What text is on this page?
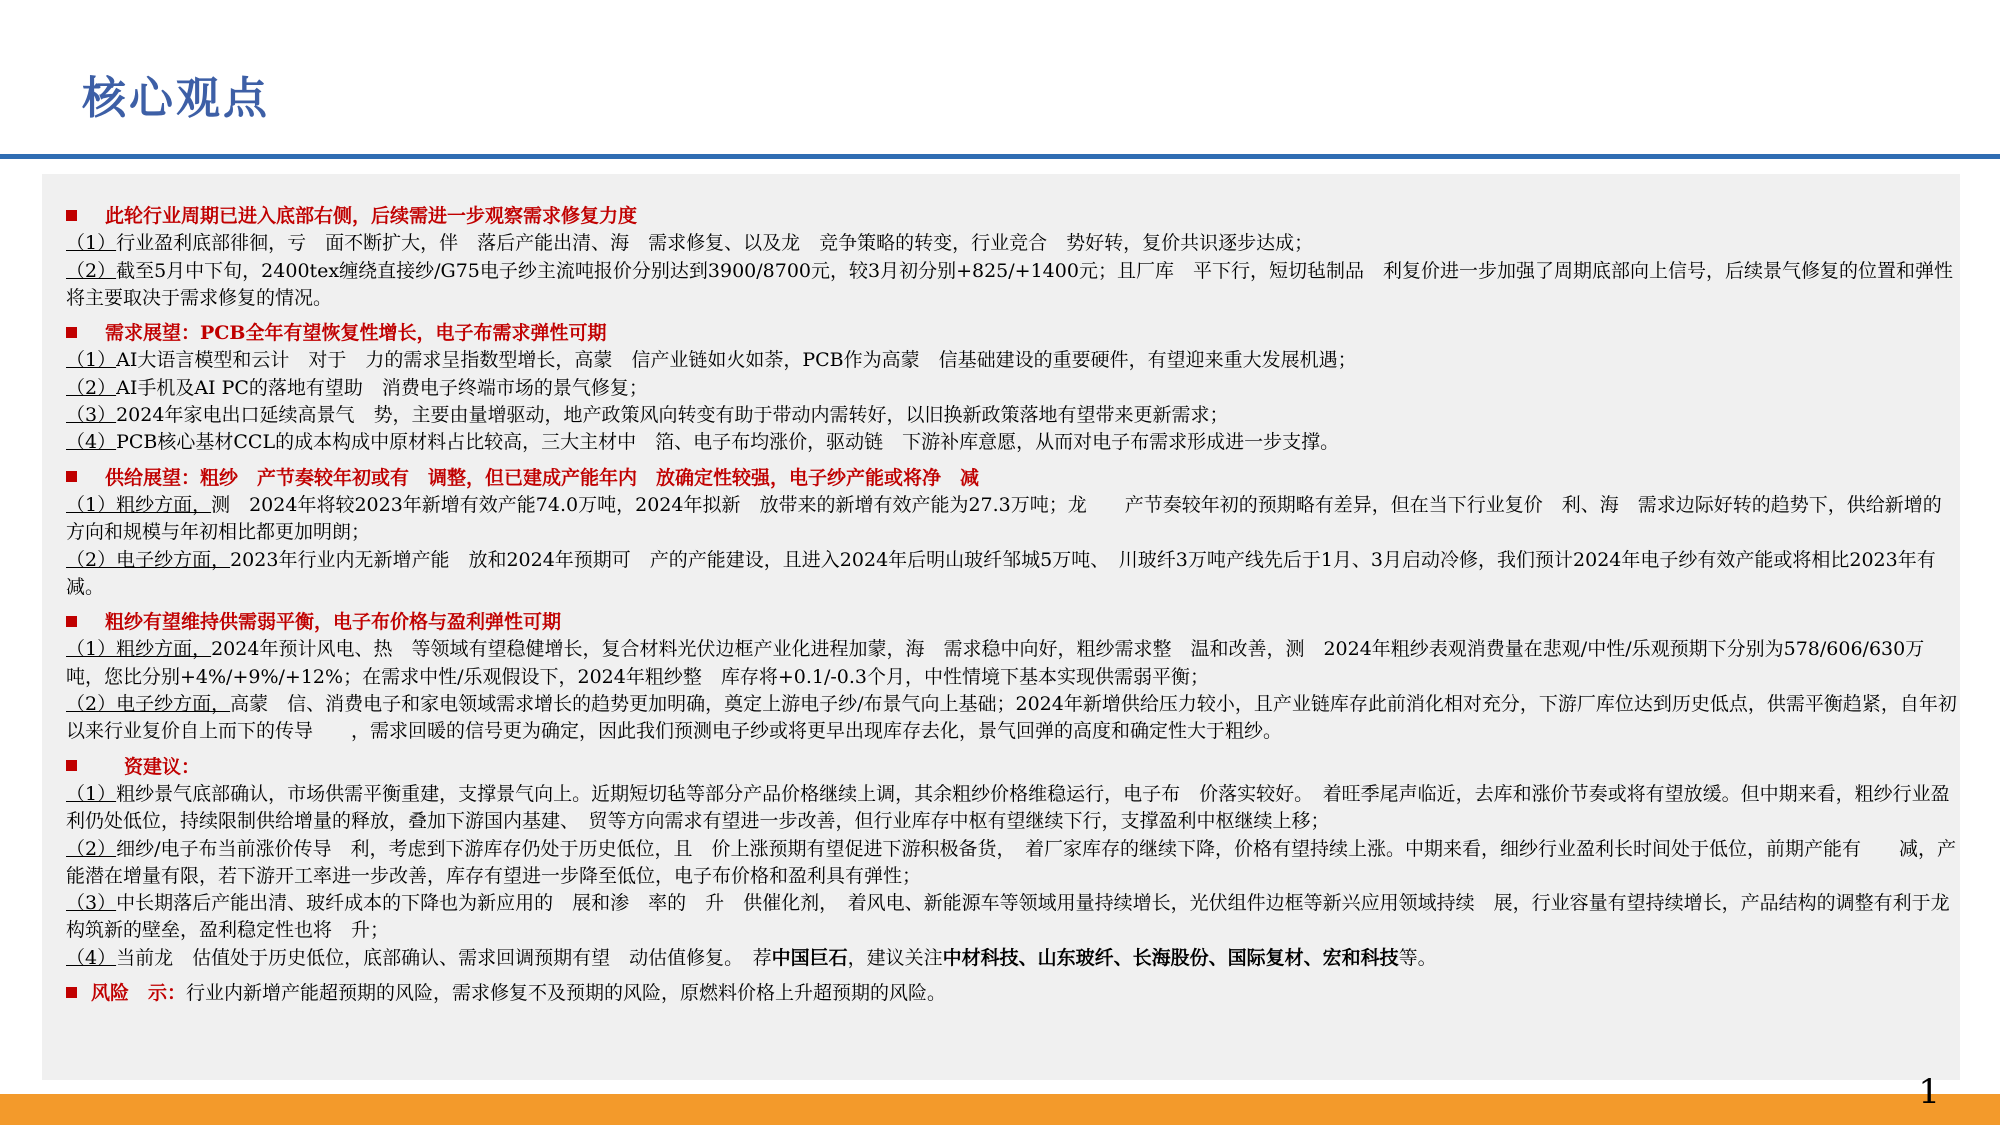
核心观点
此轮行业周期已进入底部右侧，后续需进一步观察需求修复力度
（1）行业盈利底部徘徊，亏　面不断扩大，伴　落后产能出清、海　需求修复、以及龙　竞争策略的转变，行业竞合　势好转，复价共识逐步达成；
（2）截至5月中下旬，2400tex缠绕直接纱/G75电子纱主流吨报价分别达到3900/8700元，较3月初分别+825/+1400元；且厂库　平下行，短切毡制品　利复价进一步加强了周期底部向上信号，后续景气修复的位置和弹性将主要取决于需求修复的情况。
需求展望：PCB全年有望恢复性增长，电子布需求弹性可期
（1）AI大语言模型和云计　对于　力的需求呈指数型增长，高蒙　信产业链如火如荼，PCB作为高蒙　信基础建设的重要硬件，有望迎来重大发展机遇；
（2）AI手机及AI PC的落地有望助　消费电子终端市场的景气修复；
（3）2024年家电出口延续高景气　势，主要由量增驱动，地产政策风向转变有助于带动内需转好，以旧换新政策落地有望带来更新需求；
（4）PCB核心基材CCL的成本构成中原材料占比较高，三大主材中　箔、电子布均涨价，驱动链　下游补库意愿，从而对电子布需求形成进一步支撑。
供给展望：粗纱　产节奏较年初或有　调整，但已建成产能年内　放确定性较强，电子纱产能或将净　减
（1）粗纱方面，测　2024年将较2023年新增有效产能74.0万吨，2024年拟新　放带来的新增有效产能为27.3万吨；龙　　产节奏较年初的预期略有差异，但在当下行业复价　利、海　需求边际好转的趋势下，供给新增的方向和规模与年初相比都更加明朗；
（2）电子纱方面，2023年行业内无新增产能　放和2024年预期可　产的产能建设，且进入2024年后明山玻纤邹城5万吨、　川玻纤3万吨产线先后于1月、3月启动冷修，我们预计2024年电子纱有效产能或将相比2023年有　　减。
粗纱有望维持供需弱平衡，电子布价格与盈利弹性可期
（1）粗纱方面，2024年预计风电、热　等领域有望稳健增长，复合材料光伏边框产业化进程加蒙，海　需求稳中向好，粗纱需求整　温和改善，测　2024年粗纱表观消费量在悲观/中性/乐观预期下分别为578/606/630万吨，您比分别+4%/+9%/+12%；在需求中性/乐观假设下，2024年粗纱整　库存将+0.1/-0.3个月，中性情境下基本实现供需弱平衡；
（2）电子纱方面，高蒙　信、消费电子和家电领域需求增长的趋势更加明确，奠定上游电子纱/布景气向上基础；2024年新增供给压力较小，且产业链库存此前消化相对充分，下游厂库位达到历史低点，供需平衡趋紧，自年初以来行业复价自上而下的传导　　，需求回暖的信号更为确定，因此我们预测电子纱或将更早出现库存去化，景气回弹的高度和确定性大于粗纱。
　资建议：
（1）粗纱景气底部确认，市场供需平衡重建，支撑景气向上。近期短切毡等部分产品价格继续上调，其余粗纱价格维稳运行，电子布　价落实较好。　着旺季尾声临近，去库和涨价节奏或将有望放缓。但中期来看，粗纱行业盈利仍处低位，持续限制供给增量的释放，叠加下游国内基建、　贸等方向需求有望进一步改善，但行业库存中枢有望继续下行，支撑盈利中枢继续上移；
（2）细纱/电子布当前涨价传导　利，考虑到下游库存仍处于历史低位，且　价上涨预期有望促进下游积极备货，　着厂家库存的继续下降，价格有望持续上涨。中期来看，细纱行业盈利长时间处于低位，前期产能有　　减，产能潜在增量有限，若下游开工率进一步改善，库存有望进一步降至低位，电子布价格和盈利具有弹性；
（3）中长期落后产能出清、玻纤成本的下降也为新应用的　展和渗　率的　升　供催化剂，　着风电、新能源车等领域用量持续增长，光伏组件边框等新兴应用领域持续　展，行业容量有望持续增长，产品结构的调整有利于龙　构筑新的壁垒，盈利稳定性也将　升；
（4）当前龙　估值处于历史低位，底部确认、需求回调预期有望　动估值修复。　荐中国巨石，建议关注中材科技、山东玻纤、长海股份、国际复材、宏和科技等。
风险　示：行业内新增产能超预期的风险，需求修复不及预期的风险，原燃料价格上升超预期的风险。
1
